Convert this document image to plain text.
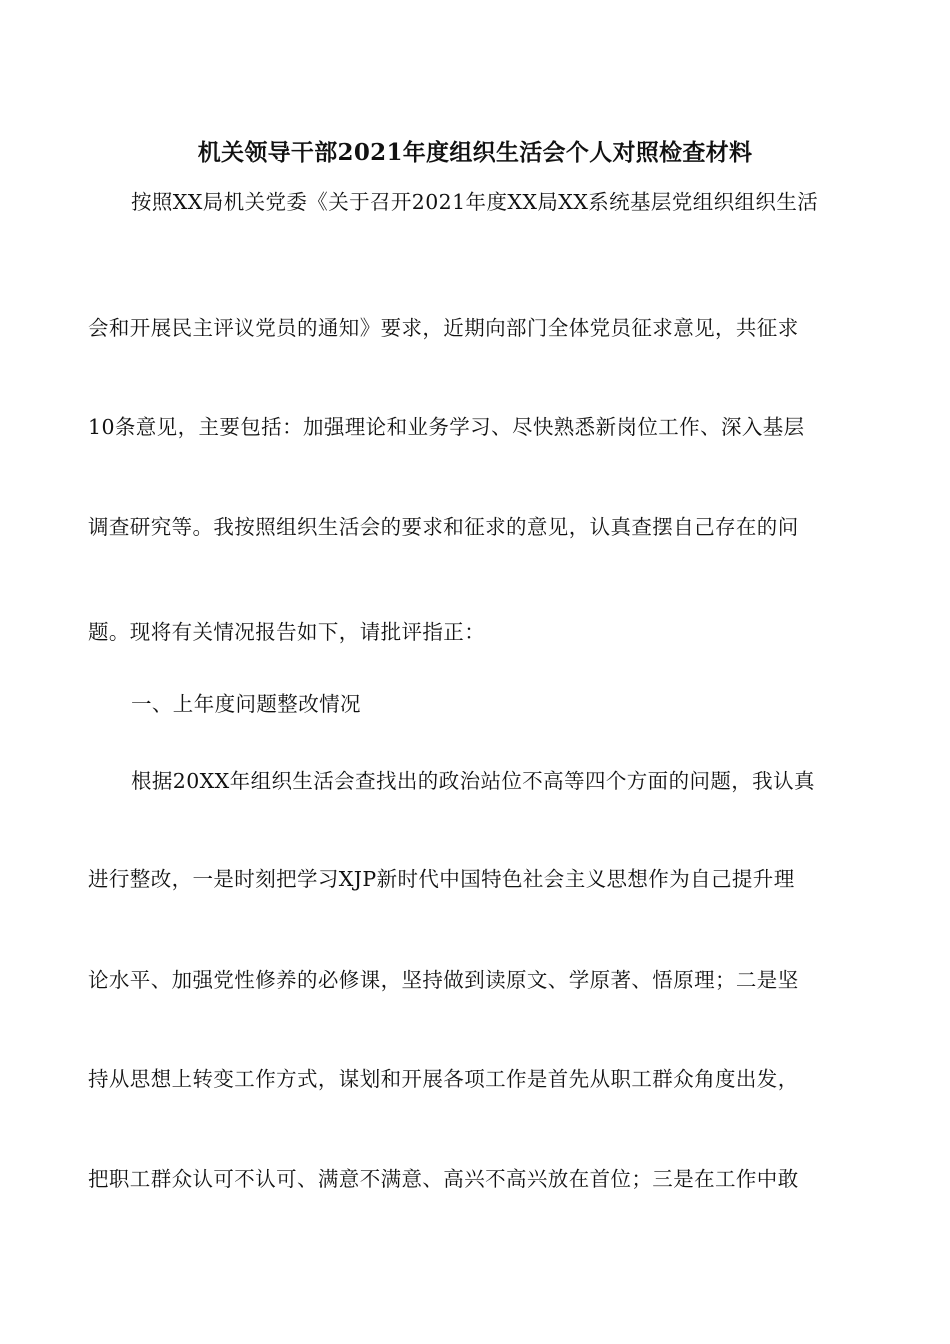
机关领导干部2021年度组织生活会个人对照检查材料
按照XX局机关党委《关于召开2021年度XX局XX系统基层党组织组织生活
会和开展民主评议党员的通知》要求，近期向部门全体党员征求意见，共征求
10条意见，主要包括：加强理论和业务学习、尽快熟悉新岗位工作、深入基层
调查研究等。我按照组织生活会的要求和征求的意见，认真查摆自己存在的问
题。现将有关情况报告如下，请批评指正：
一、上年度问题整改情况
根据20XX年组织生活会查找出的政治站位不高等四个方面的问题，我认真
进行整改，一是时刻把学习XJP新时代中国特色社会主义思想作为自己提升理
论水平、加强党性修养的必修课，坚持做到读原文、学原著、悟原理；二是坚
持从思想上转变工作方式，谋划和开展各项工作是首先从职工群众角度出发，
把职工群众认可不认可、满意不满意、高兴不高兴放在首位；三是在工作中敢
